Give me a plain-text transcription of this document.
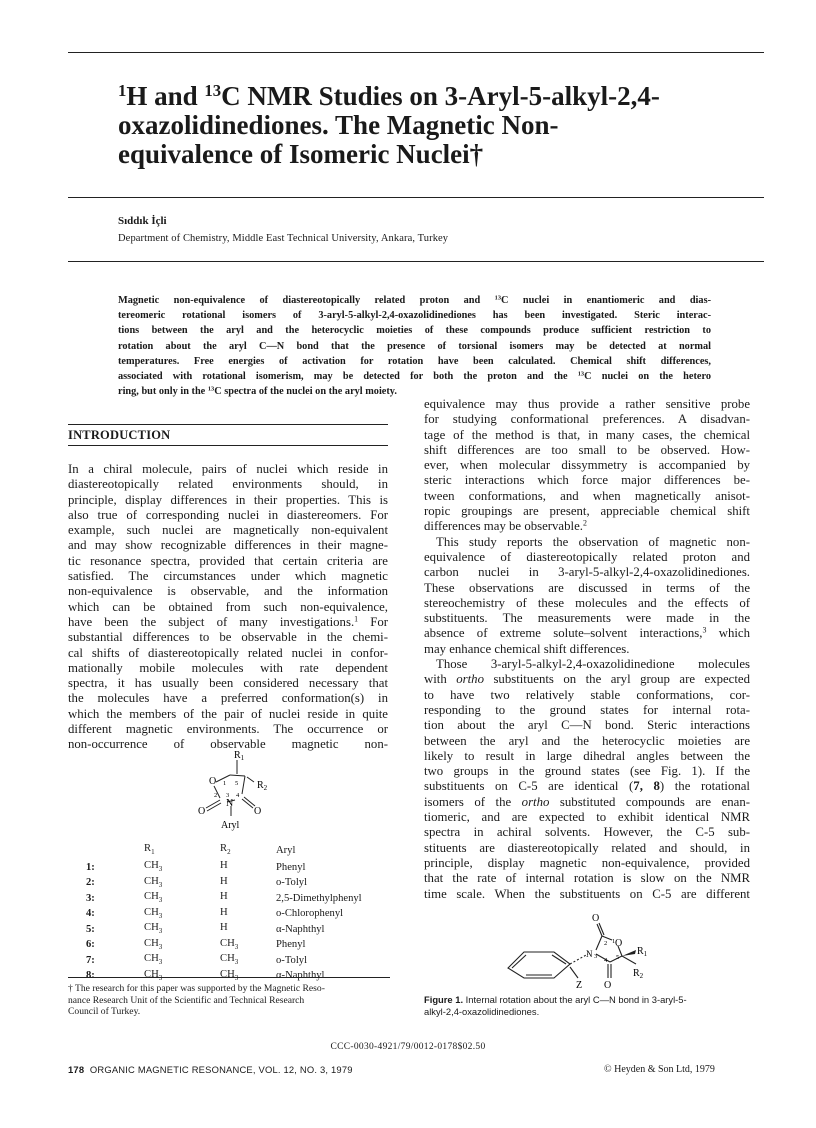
$^1$H and $^{13}$C NMR Studies on 3-Aryl-5-alkyl-2,4-
oxazolidinediones. The Magnetic Non-
equivalence of Isomeric Nuclei†
Sıddık İçli
Department of Chemistry, Middle East Technical University, Ankara, Turkey
Magnetic non-equivalence of diastereotopically related proton and $^{13}$C nuclei in enantiomeric and dias-
tereomeric rotational isomers of 3-aryl-5-alkyl-2,4-oxazolidinediones has been investigated. Steric interac-
tions between the aryl and the heterocyclic moieties of these compounds produce sufficient restriction to
rotation about the aryl C—N bond that the presence of torsional isomers may be detected at normal
temperatures. Free energies of activation for rotation have been calculated. Chemical shift differences,
associated with rotational isomerism, may be detected for both the proton and the $^{13}$C nuclei on the hetero
ring, but only in the $^{13}$C spectra of the nuclei on the aryl moiety.
INTRODUCTION
In a chiral molecule, pairs of nuclei which reside in
diastereotopically related environments should, in
principle, display differences in their properties. This is
also true of corresponding nuclei in diastereomers. For
example, such nuclei are magnetically non-equivalent
and may show recognizable differences in their magne-
tic resonance spectra, provided that certain criteria are
satisfied. The circumstances under which magnetic
non-equivalence is observable, and the information
which can be obtained from such non-equivalence,
have been the subject of many investigations.$^1$ For
substantial differences to be observable in the chemi-
cal shifts of diastereotopically related nuclei in confor-
mationally mobile molecules with rate dependent
spectra, it has usually been considered necessary that
the molecules have a preferred conformation(s) in
which the members of the pair of nuclei reside in quite
different magnetic environments. The occurrence or
non-occurrence of observable magnetic non-
$R_1$
O 1 5 $R_2$
2 3 4
O
N
O
Aryl
	$R_1$	$R_2$	Aryl
1:	$CH_3$	H	Phenyl
2:	$CH_3$	H	o-Tolyl
3:	$CH_3$	H	2,5-Dimethylphenyl
4:	$CH_3$	H	o-Chlorophenyl
5:	$CH_3$	H	α-Naphthyl
6:	$CH_3$	$CH_3$	Phenyl
7:	$CH_3$	$CH_3$	o-Tolyl
8:	$CH_3$	$CH_3$	α-Naphthyl
† The research for this paper was supported by the Magnetic Reso-
nance Research Unit of the Scientific and Technical Research
Council of Turkey.
equivalence may thus provide a rather sensitive probe
for studying conformational preferences. A disadvan-
tage of the method is that, in many cases, the chemical
shift differences are too small to be observed. How-
ever, when molecular dissymmetry is accompanied by
steric interactions which force major differences be-
tween conformations, and when magnetically anisot-
ropic groupings are present, appreciable chemical shift
differences may be observable.$^2$
This study reports the observation of magnetic non-
equivalence of diastereotopically related proton and
carbon nuclei in 3-aryl-5-alkyl-2,4-oxazolidinediones.
These observations are discussed in terms of the
stereochemistry of these molecules and the effects of
substituents. The measurements were made in the
absence of extreme solute–solvent interactions,$^3$ which
may enhance chemical shift differences.
Those 3-aryl-5-alkyl-2,4-oxazolidinedione molecules
with ortho substituents on the aryl group are expected
to have two relatively stable conformations, cor-
responding to the ground states for internal rota-
tion about the aryl C—N bond. Steric interactions
between the aryl and the heterocyclic moieties are
likely to result in large dihedral angles between the
two groups in the ground states (see Fig. 1). If the
substituents on C-5 are identical (7, 8) the rotational
isomers of the ortho substituted compounds are enan-
tiomeric, and are expected to exhibit identical NMR
spectra in achiral solvents. However, the C-5 sub-
stituents are diastereotopically related and should, in
principle, display magnetic non-equivalence, provided
that the rate of internal rotation is slow on the NMR
time scale. When the substituents on C-5 are different
O
N 3
2 1 O
5
4
$R_1$
$R_2$
Z O
Figure 1. Internal rotation about the aryl C—N bond in 3-aryl-5-
alkyl-2,4-oxazolidinediones.
CCC-0030-4921/79/0012-0178$02.50
178 ORGANIC MAGNETIC RESONANCE, VOL. 12, NO. 3, 1979	© Heyden & Son Ltd, 1979
